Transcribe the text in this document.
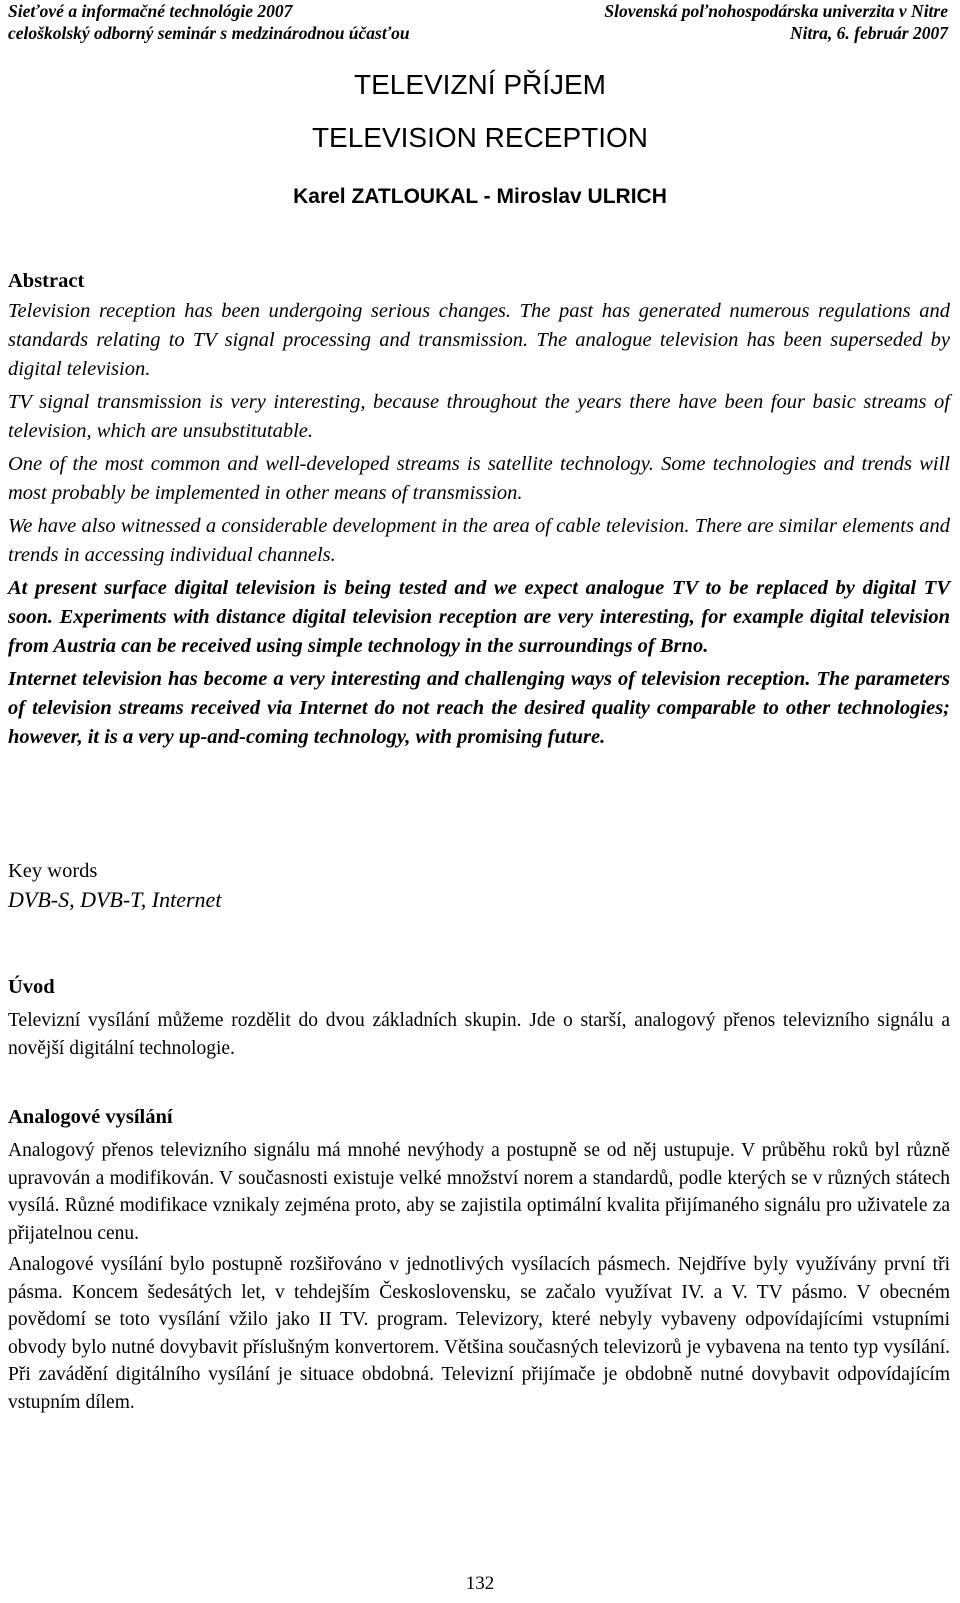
Sieťové a informačné technológie 2007	Slovenská poľnohospodárska univerzita v Nitre
celoškolský odborný seminár s medzinárodnou účasťou	Nitra, 6. február 2007
TELEVIZNÍ PŘÍJEM
TELEVISION RECEPTION
Karel ZATLOUKAL - Miroslav ULRICH
Abstract

Television reception has been undergoing serious changes. The past has generated numerous regulations and standards relating to TV signal processing and transmission. The analogue television has been superseded by digital television.

TV signal transmission is very interesting, because throughout the years there have been four basic streams of television, which are unsubstitutable.

One of the most common and well-developed streams is satellite technology. Some technologies and trends will most probably be implemented in other means of transmission.

We have also witnessed a considerable development in the area of cable television. There are similar elements and trends in accessing individual channels.

At present surface digital television is being tested and we expect analogue TV to be replaced by digital TV soon. Experiments with distance digital television reception are very interesting, for example digital television from Austria can be received using simple technology in the surroundings of Brno.

Internet television has become a very interesting and challenging ways of television reception. The parameters of television streams received via Internet do not reach the desired quality comparable to other technologies; however, it is a very up-and-coming technology, with promising future.

Key words
DVB-S, DVB-T, Internet
Úvod

Televizní vysílání můžeme rozdělit do dvou základních skupin. Jde o starší, analogový přenos televizního signálu a novější digitální technologie.

Analogové vysílání

Analogový přenos televizního signálu má mnohé nevýhody a postupně se od něj ustupuje. V průběhu roků byl různě upravován a modifikován. V současnosti existuje velké množství norem a standardů, podle kterých se v různých státech vysílá. Různé modifikace vznikaly zejména proto, aby se zajistila optimální kvalita přijímaného signálu pro uživatele za přijatelnou cenu.

Analogové vysílání bylo postupně rozšiřováno v jednotlivých vysílacích pásmech. Nejdříve byly využívány první tři pásma. Koncem šedesátých let, v tehdejším Československu, se začalo využívat IV. a V. TV pásmo. V obecném povědomí se toto vysílání vžilo jako II TV. program. Televizory, které nebyly vybaveny odpovídajícími vstupními obvody bylo nutné dovybavit příslušným konvertorem. Většina současných televizorů je vybavena na tento typ vysílání. Při zavádění digitálního vysílání je situace obdobná. Televizní přijímače je obdobně nutné dovybavit odpovídajícím vstupním dílem.

132
